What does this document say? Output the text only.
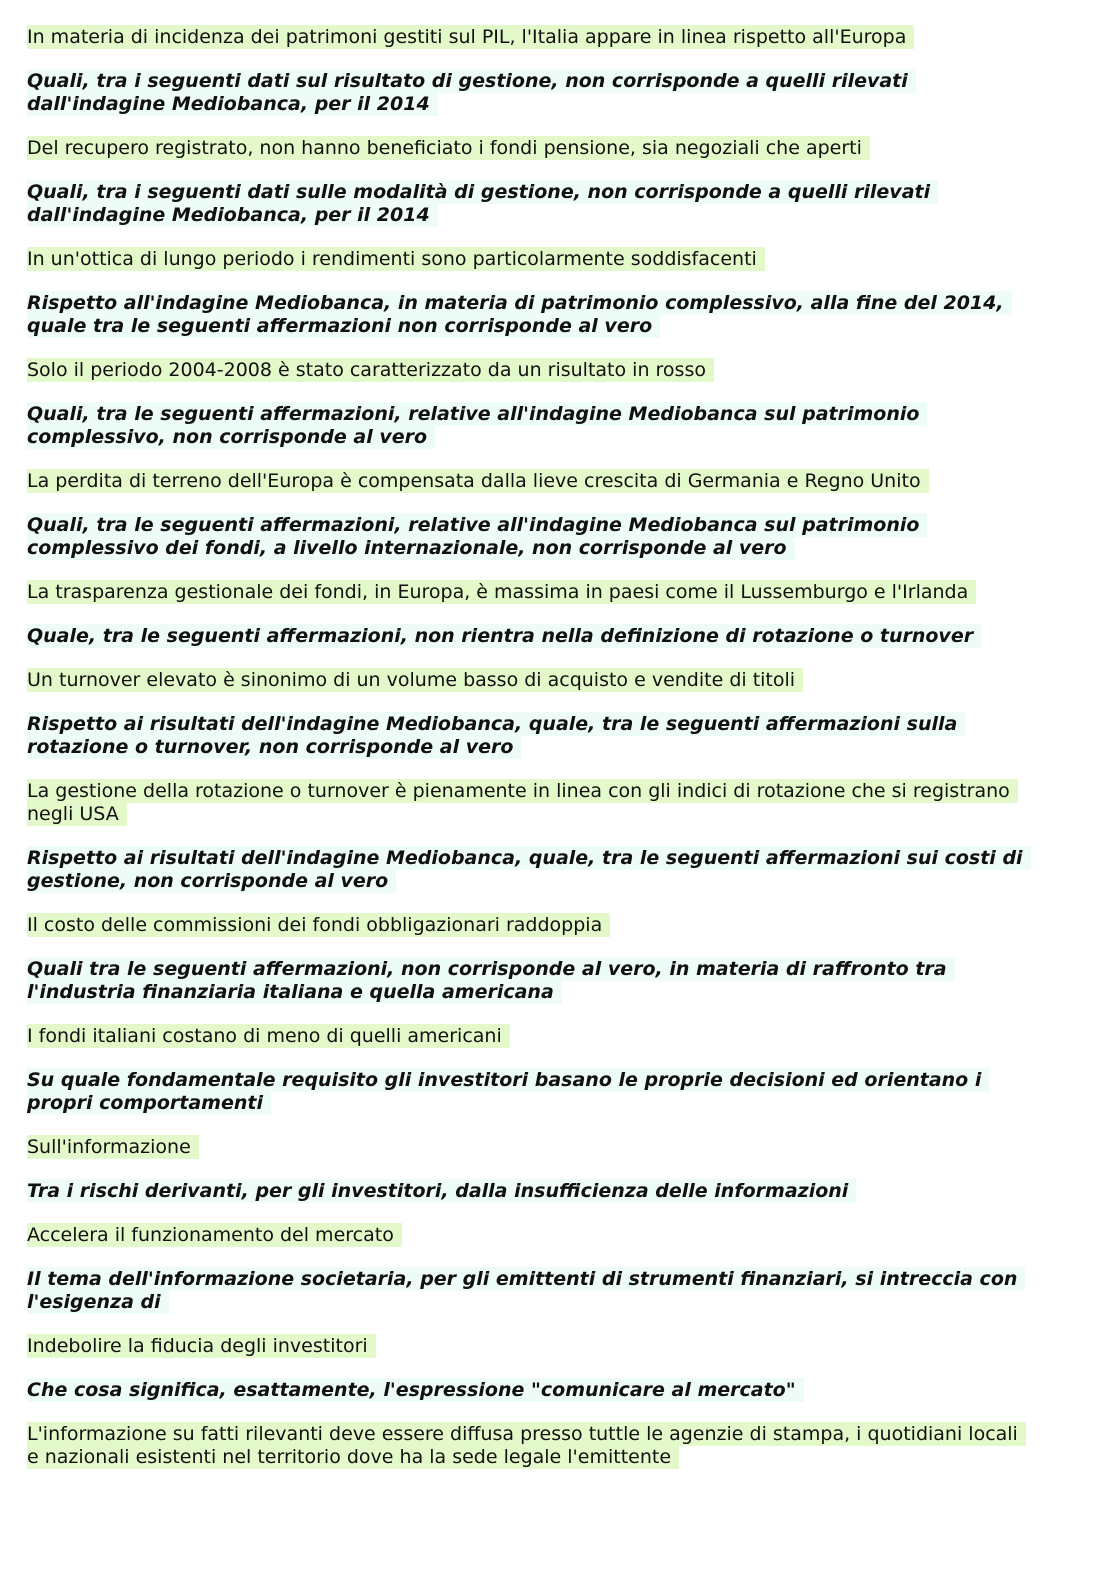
In materia di incidenza dei patrimoni gestiti sul PIL, l'Italia appare in linea rispetto all'Europa

Quali, tra i seguenti dati sul risultato di gestione, non corrisponde a quelli rilevati dall'indagine Mediobanca, per il 2014

Del recupero registrato, non hanno beneficiato i fondi pensione, sia negoziali che aperti

Quali, tra i seguenti dati sulle modalità di gestione, non corrisponde a quelli rilevati dall'indagine Mediobanca, per il 2014

In un'ottica di lungo periodo i rendimenti sono particolarmente soddisfacenti

Rispetto all'indagine Mediobanca, in materia di patrimonio complessivo, alla fine del 2014, quale tra le seguenti affermazioni non corrisponde al vero

Solo il periodo 2004-2008 è stato caratterizzato da un risultato in rosso

Quali, tra le seguenti affermazioni, relative all'indagine Mediobanca sul patrimonio complessivo, non corrisponde al vero

La perdita di terreno dell'Europa è compensata dalla lieve crescita di Germania e Regno Unito

Quali, tra le seguenti affermazioni, relative all'indagine Mediobanca sul patrimonio complessivo dei fondi, a livello internazionale, non corrisponde al vero

La trasparenza gestionale dei fondi, in Europa, è massima in paesi come il Lussemburgo e l'Irlanda

Quale, tra le seguenti affermazioni, non rientra nella definizione di rotazione o turnover

Un turnover elevato è sinonimo di un volume basso di acquisto e vendite di titoli

Rispetto ai risultati dell'indagine Mediobanca, quale, tra le seguenti affermazioni sulla rotazione o turnover, non corrisponde al vero

La gestione della rotazione o turnover è pienamente in linea con gli indici di rotazione che si registrano negli USA

Rispetto ai risultati dell'indagine Mediobanca, quale, tra le seguenti affermazioni sui costi di gestione, non corrisponde al vero

Il costo delle commissioni dei fondi obbligazionari raddoppia

Quali tra le seguenti affermazioni, non corrisponde al vero, in materia di raffronto tra l'industria finanziaria italiana e quella americana

I fondi italiani costano di meno di quelli americani

Su quale fondamentale requisito gli investitori basano le proprie decisioni ed orientano i propri comportamenti

Sull'informazione

Tra i rischi derivanti, per gli investitori, dalla insufficienza delle informazioni

Accelera il funzionamento del mercato

Il tema dell'informazione societaria, per gli emittenti di strumenti finanziari, si intreccia con l'esigenza di

Indebolire la fiducia degli investitori

Che cosa significa, esattamente, l'espressione "comunicare al mercato"

L'informazione su fatti rilevanti deve essere diffusa presso tuttle le agenzie di stampa, i quotidiani locali e nazionali esistenti nel territorio dove ha la sede legale l'emittente
